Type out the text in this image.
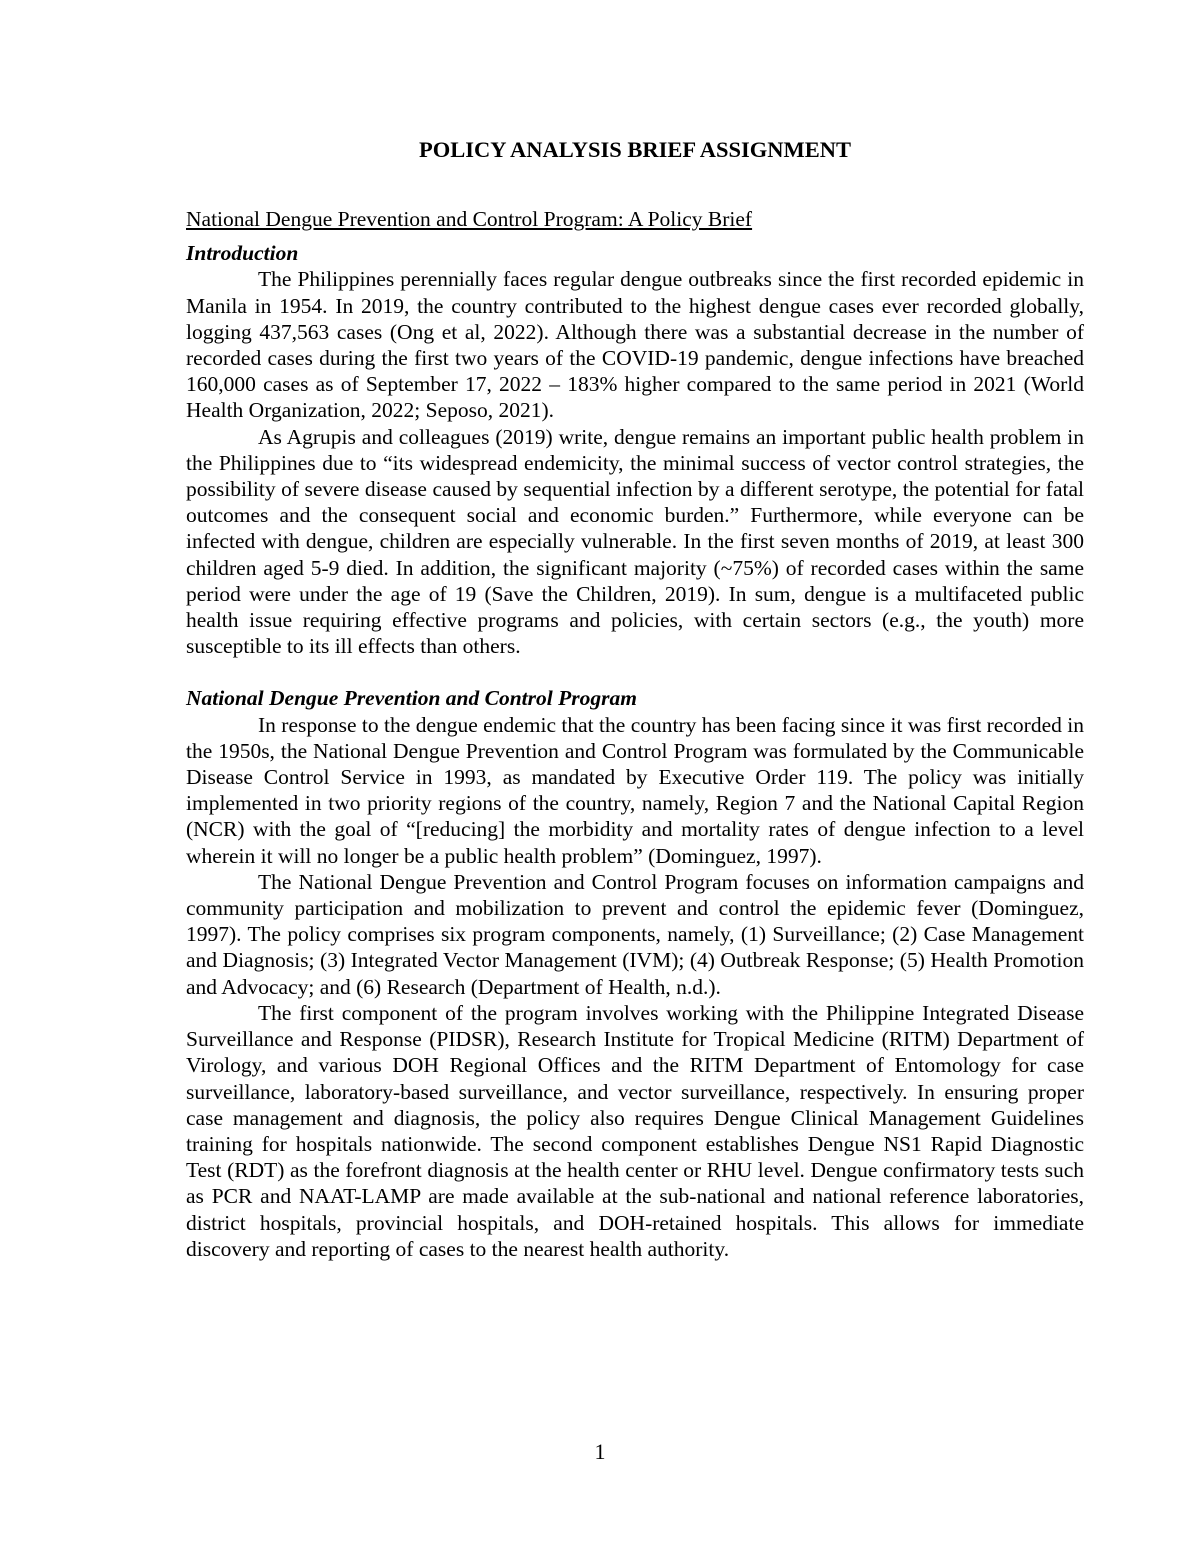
POLICY ANALYSIS BRIEF ASSIGNMENT

National Dengue Prevention and Control Program: A Policy Brief

Introduction

The Philippines perennially faces regular dengue outbreaks since the first recorded epidemic in Manila in 1954. In 2019, the country contributed to the highest dengue cases ever recorded globally, logging 437,563 cases (Ong et al, 2022). Although there was a substantial decrease in the number of recorded cases during the first two years of the COVID-19 pandemic, dengue infections have breached 160,000 cases as of September 17, 2022 – 183% higher compared to the same period in 2021 (World Health Organization, 2022; Seposo, 2021).

As Agrupis and colleagues (2019) write, dengue remains an important public health problem in the Philippines due to “its widespread endemicity, the minimal success of vector control strategies, the possibility of severe disease caused by sequential infection by a different serotype, the potential for fatal outcomes and the consequent social and economic burden.” Furthermore, while everyone can be infected with dengue, children are especially vulnerable. In the first seven months of 2019, at least 300 children aged 5-9 died. In addition, the significant majority (~75%) of recorded cases within the same period were under the age of 19 (Save the Children, 2019). In sum, dengue is a multifaceted public health issue requiring effective programs and policies, with certain sectors (e.g., the youth) more susceptible to its ill effects than others.

National Dengue Prevention and Control Program

In response to the dengue endemic that the country has been facing since it was first recorded in the 1950s, the National Dengue Prevention and Control Program was formulated by the Communicable Disease Control Service in 1993, as mandated by Executive Order 119. The policy was initially implemented in two priority regions of the country, namely, Region 7 and the National Capital Region (NCR) with the goal of “[reducing] the morbidity and mortality rates of dengue infection to a level wherein it will no longer be a public health problem” (Dominguez, 1997).

The National Dengue Prevention and Control Program focuses on information campaigns and community participation and mobilization to prevent and control the epidemic fever (Dominguez, 1997). The policy comprises six program components, namely, (1) Surveillance; (2) Case Management and Diagnosis; (3) Integrated Vector Management (IVM); (4) Outbreak Response; (5) Health Promotion and Advocacy; and (6) Research (Department of Health, n.d.).

The first component of the program involves working with the Philippine Integrated Disease Surveillance and Response (PIDSR), Research Institute for Tropical Medicine (RITM) Department of Virology, and various DOH Regional Offices and the RITM Department of Entomology for case surveillance, laboratory-based surveillance, and vector surveillance, respectively. In ensuring proper case management and diagnosis, the policy also requires Dengue Clinical Management Guidelines training for hospitals nationwide. The second component establishes Dengue NS1 Rapid Diagnostic Test (RDT) as the forefront diagnosis at the health center or RHU level. Dengue confirmatory tests such as PCR and NAAT-LAMP are made available at the sub-national and national reference laboratories, district hospitals, provincial hospitals, and DOH-retained hospitals. This allows for immediate discovery and reporting of cases to the nearest health authority.

1
